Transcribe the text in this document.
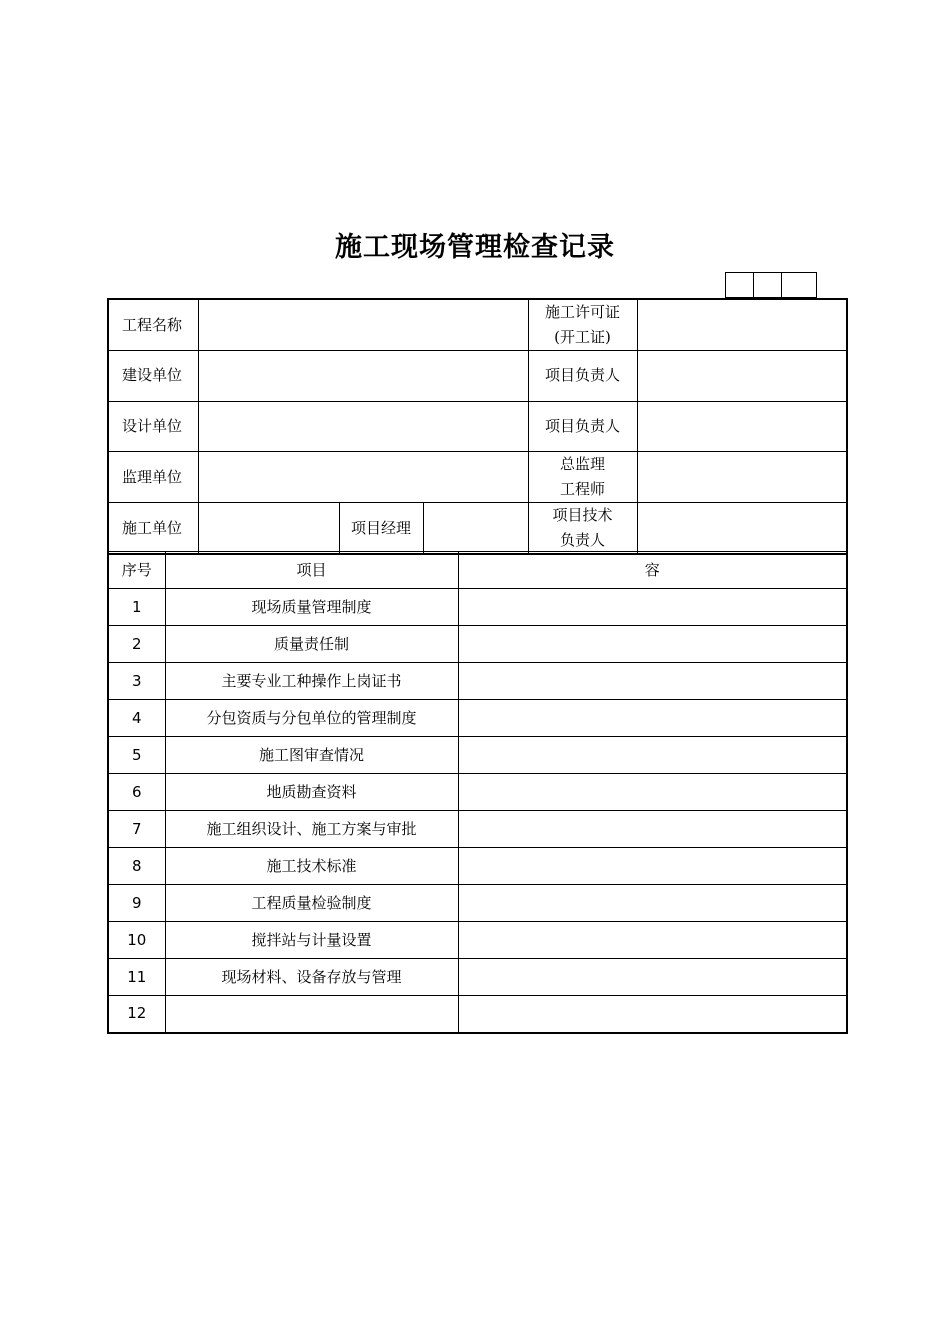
施工现场管理检查记录
工程名称				施工许可证
(开工证)	

建设单位				项目负责人	
设计单位				项目负责人	
监理单位				总监理
工程师	

施工单位		项目经理		项目技术
负责人	

序号	项目	容
1	现场质量管理制度	
2	质量责任制	
3	主要专业工种操作上岗证书	
4	分包资质与分包单位的管理制度	
5	施工图审查情况	
6	地质勘查资料	
7	施工组织设计、施工方案与审批	
8	施工技术标准	
9	工程质量检验制度	
10	搅拌站与计量设置	
11	现场材料、设备存放与管理	
12		
